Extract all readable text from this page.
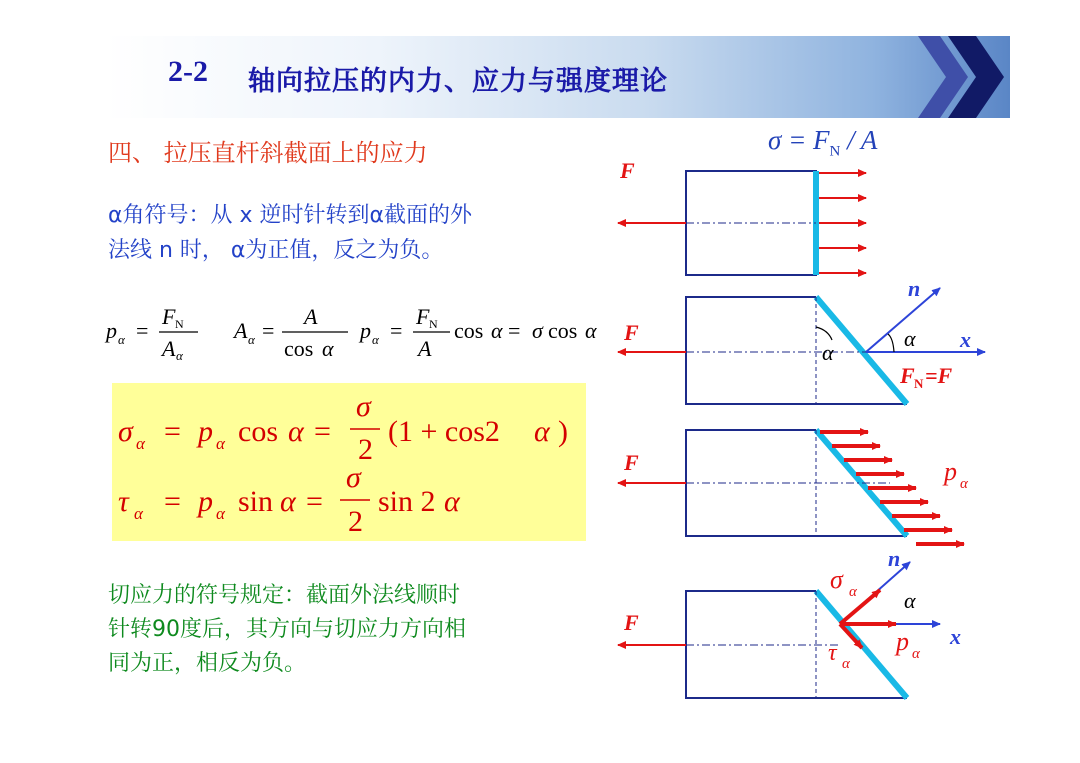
2-2 轴向拉压的内力、应力与强度理论
四、 拉压直杆斜截面上的应力	$\sigma = F_N / A$
α角符号：从 x 逆时针转到α截面的外
法线 n 时， α为正值，反之为负。
p α =
F N
A α
A α =
A
cos α
p α =
F N
A
cos α = σ cos α
σ α = p α cos α =
σ
2
(1 + cos2 α )
τ α = p α sin α =
σ
2
sin 2 α
切应力的符号规定：截面外法线顺时
针转90度后，其方向与切应力方向相
同为正，相反为负。
F
F
α
α
n
x
F N =F
F	p α
F
σ α
n
α
p α
x
τ α
